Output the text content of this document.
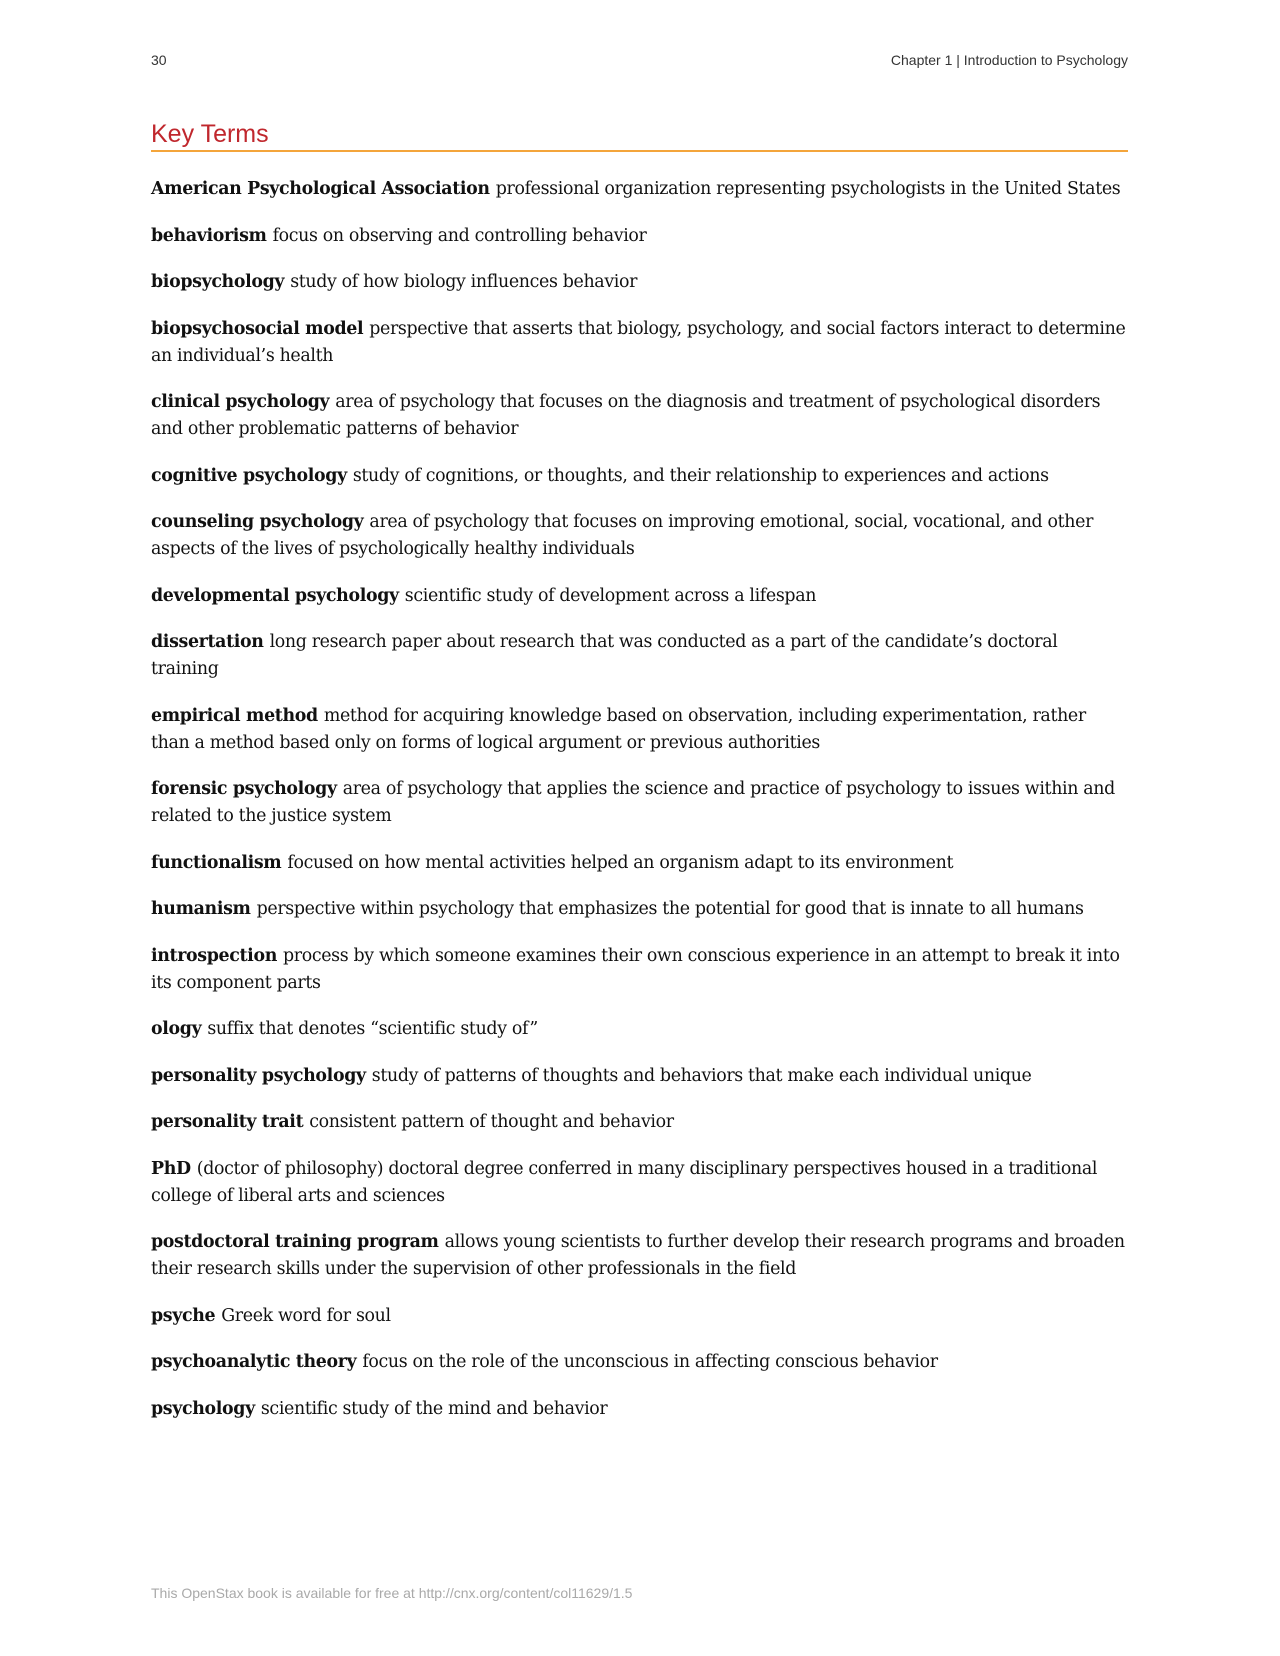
30	Chapter 1 | Introduction to Psychology
Key Terms
American Psychological Association professional organization representing psychologists in the United States
behaviorism focus on observing and controlling behavior
biopsychology study of how biology influences behavior
biopsychosocial model perspective that asserts that biology, psychology, and social factors interact to determine an individual’s health
clinical psychology area of psychology that focuses on the diagnosis and treatment of psychological disorders and other problematic patterns of behavior
cognitive psychology study of cognitions, or thoughts, and their relationship to experiences and actions
counseling psychology area of psychology that focuses on improving emotional, social, vocational, and other aspects of the lives of psychologically healthy individuals
developmental psychology scientific study of development across a lifespan
dissertation long research paper about research that was conducted as a part of the candidate’s doctoral training
empirical method method for acquiring knowledge based on observation, including experimentation, rather than a method based only on forms of logical argument or previous authorities
forensic psychology area of psychology that applies the science and practice of psychology to issues within and related to the justice system
functionalism focused on how mental activities helped an organism adapt to its environment
humanism perspective within psychology that emphasizes the potential for good that is innate to all humans
introspection process by which someone examines their own conscious experience in an attempt to break it into its component parts
ology suffix that denotes “scientific study of”
personality psychology study of patterns of thoughts and behaviors that make each individual unique
personality trait consistent pattern of thought and behavior
PhD (doctor of philosophy) doctoral degree conferred in many disciplinary perspectives housed in a traditional college of liberal arts and sciences
postdoctoral training program allows young scientists to further develop their research programs and broaden their research skills under the supervision of other professionals in the field
psyche Greek word for soul
psychoanalytic theory focus on the role of the unconscious in affecting conscious behavior
psychology scientific study of the mind and behavior
This OpenStax book is available for free at http://cnx.org/content/col11629/1.5
